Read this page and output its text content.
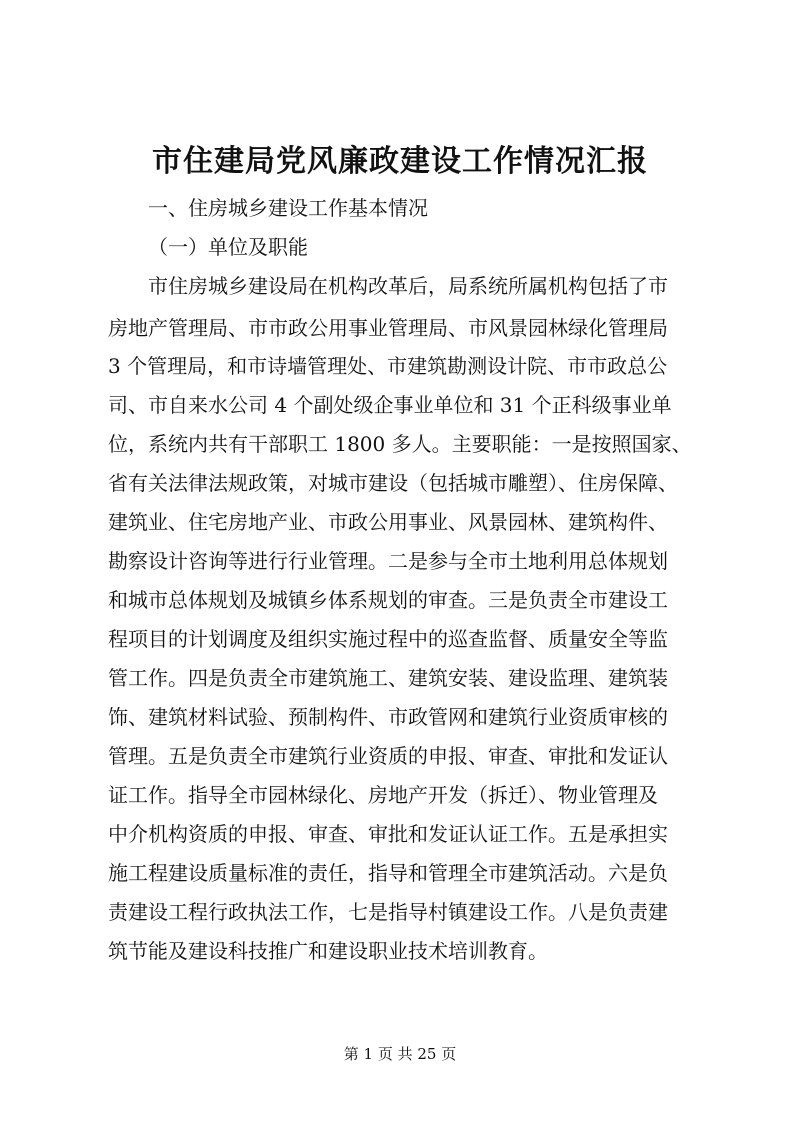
市住建局党风廉政建设工作情况汇报
一、住房城乡建设工作基本情况
（一）单位及职能
市住房城乡建设局在机构改革后，局系统所属机构包括了市
房地产管理局、市市政公用事业管理局、市风景园林绿化管理局
3 个管理局，和市诗墙管理处、市建筑勘测设计院、市市政总公
司、市自来水公司 4 个副处级企事业单位和 31 个正科级事业单
位，系统内共有干部职工 1800 多人。主要职能：一是按照国家、
省有关法律法规政策，对城市建设（包括城市雕塑）、住房保障、
建筑业、住宅房地产业、市政公用事业、风景园林、建筑构件、
勘察设计咨询等进行行业管理。二是参与全市土地利用总体规划
和城市总体规划及城镇乡体系规划的审查。三是负责全市建设工
程项目的计划调度及组织实施过程中的巡查监督、质量安全等监
管工作。四是负责全市建筑施工、建筑安装、建设监理、建筑装
饰、建筑材料试验、预制构件、市政管网和建筑行业资质审核的
管理。五是负责全市建筑行业资质的申报、审查、审批和发证认
证工作。指导全市园林绿化、房地产开发（拆迁）、物业管理及
中介机构资质的申报、审查、审批和发证认证工作。五是承担实
施工程建设质量标准的责任，指导和管理全市建筑活动。六是负
责建设工程行政执法工作，七是指导村镇建设工作。八是负责建
筑节能及建设科技推广和建设职业技术培训教育。
第 1 页 共 25 页
